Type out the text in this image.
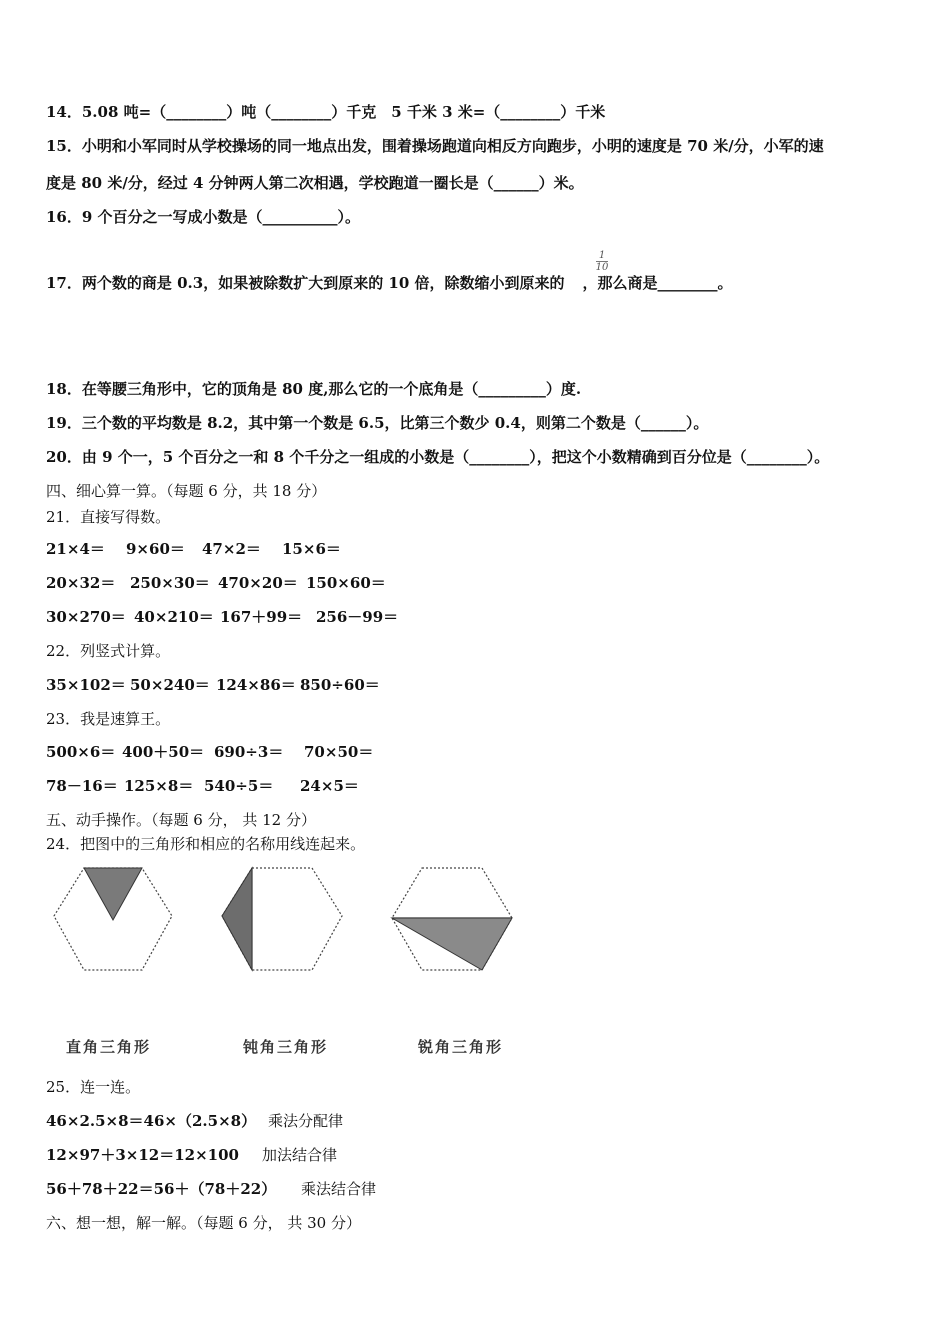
14．5.08 吨=（________）吨（________）千克　5 千米 3 米=（________）千米
15．小明和小军同时从学校操场的同一地点出发，围着操场跑道向相反方向跑步，小明的速度是 70 米/分，小军的速
度是 80 米/分，经过 4 分钟两人第二次相遇，学校跑道一圈长是（______）米。
16．9 个百分之一写成小数是（__________）。
17．两个数的商是 0.3，如果被除数扩大到原来的 10 倍，除数缩小到原来的 ，那么商是________。
1
10
18．在等腰三角形中，它的顶角是 80 度,那么它的一个底角是（_________）度.
19．三个数的平均数是 8.2，其中第一个数是 6.5，比第三个数少 0.4，则第二个数是（______）。
20．由 9 个一，5 个百分之一和 8 个千分之一组成的小数是（________），把这个小数精确到百分位是（________）。
四、细心算一算。（每题 6 分，共 18 分）
21．直接写得数。
21×4＝ 9×60＝ 47×2＝ 15×6＝
20×32＝ 250×30＝ 470×20＝ 150×60＝
30×270＝ 40×210＝ 167＋99＝ 256－99＝
22．列竖式计算。
35×102＝ 50×240＝ 124×86＝ 850÷60＝
23．我是速算王。
500×6＝ 400＋50＝ 690÷3＝ 70×50＝
78－16＝ 125×8＝ 540÷5＝ 24×5＝
五、动手操作。（每题 6 分， 共 12 分）
24．把图中的三角形和相应的名称用线连起来。
直角三角形	钝角三角形	锐角三角形
25．连一连。
46×2.5×8＝46×（2.5×8） 乘法分配律
12×97＋3×12＝12×100 加法结合律
56＋78＋22＝56＋（78＋22） 乘法结合律
六、想一想，解一解。（每题 6 分， 共 30 分）
